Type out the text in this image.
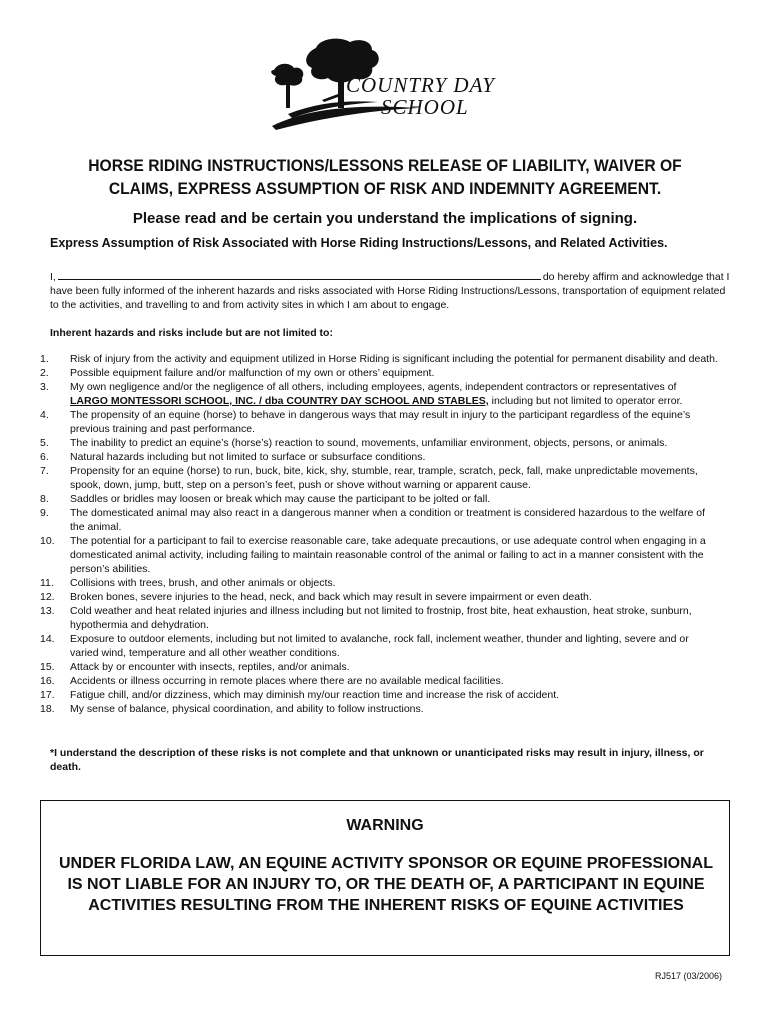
COUNTRY DAY
SCHOOL
HORSE RIDING INSTRUCTIONS/LESSONS RELEASE OF LIABILITY, WAIVER OF CLAIMS, EXPRESS ASSUMPTION OF RISK AND INDEMNITY AGREEMENT.
Please read and be certain you understand the implications of signing.
Express Assumption of Risk Associated with Horse Riding Instructions/Lessons, and Related Activities.
I,	do hereby affirm and acknowledge that I have been fully informed of the inherent hazards and risks associated with Horse Riding Instructions/Lessons, transportation of equipment related to the activities, and travelling to and from activity sites in which I am about to engage.
Inherent hazards and risks include but are not limited to:
1.	Risk of injury from the activity and equipment utilized in Horse Riding is significant including the potential for permanent disability and death.
2.	Possible equipment failure and/or malfunction of my own or others’ equipment.
3.	My own negligence and/or the negligence of all others, including employees, agents, independent contractors or representatives of
LARGO MONTESSORI SCHOOL, INC. / dba COUNTRY DAY SCHOOL AND STABLES, including but not limited to operator error.
4.	The propensity of an equine (horse) to behave in dangerous ways that may result in injury to the participant regardless of the equine’s previous training and past performance.
5.	The inability to predict an equine’s (horse’s) reaction to sound, movements, unfamiliar environment, objects, persons, or animals.
6.	Natural hazards including but not limited to surface or subsurface conditions.
7.	Propensity for an equine (horse) to run, buck, bite, kick, shy, stumble, rear, trample, scratch, peck, fall, make unpredictable movements, spook, down, jump, butt, step on a person’s feet, push or shove without warning or apparent cause.
8.	Saddles or bridles may loosen or break which may cause the participant to be jolted or fall.
9.	The domesticated animal may also react in a dangerous manner when a condition or treatment is considered hazardous to the welfare of the animal.
10.	The potential for a participant to fail to exercise reasonable care, take adequate precautions, or use adequate control when engaging in a domesticated animal activity, including failing to maintain reasonable control of the animal or failing to act in a manner consistent with the person’s abilities.
11.	Collisions with trees, brush, and other animals or objects.
12.	Broken bones, severe injuries to the head, neck, and back which may result in severe impairment or even death.
13.	Cold weather and heat related injuries and illness including but not limited to frostnip, frost bite, heat exhaustion, heat stroke, sunburn, hypothermia and dehydration.
14.	Exposure to outdoor elements, including but not limited to avalanche, rock fall, inclement weather, thunder and lighting, severe and or varied wind, temperature and all other weather conditions.
15.	Attack by or encounter with insects, reptiles, and/or animals.
16.	Accidents or illness occurring in remote places where there are no available medical facilities.
17.	Fatigue chill, and/or dizziness, which may diminish my/our reaction time and increase the risk of accident.
18.	My sense of balance, physical coordination, and ability to follow instructions.
*I understand the description of these risks is not complete and that unknown or unanticipated risks may result in injury, illness, or death.
WARNING
UNDER FLORIDA LAW, AN EQUINE ACTIVITY SPONSOR OR EQUINE PROFESSIONAL IS NOT LIABLE FOR AN INJURY TO, OR THE DEATH OF, A PARTICIPANT IN EQUINE ACTIVITIES RESULTING FROM THE INHERENT RISKS OF EQUINE ACTIVITIES
RJ517 (03/2006)
